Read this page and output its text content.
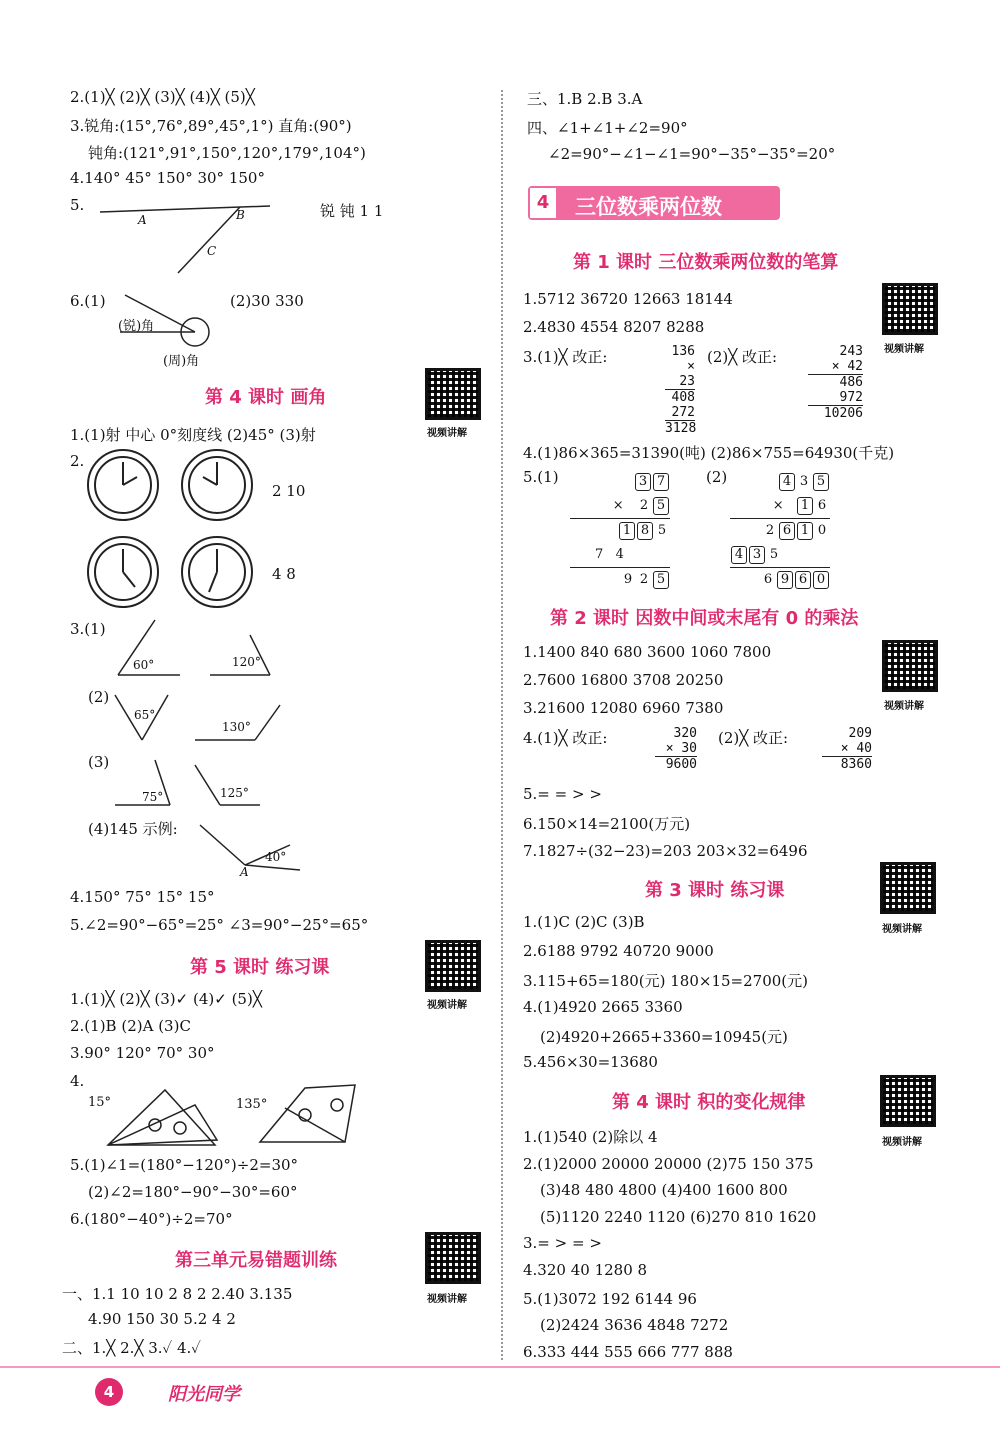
2.(1)╳ (2)╳ (3)╳ (4)╳ (5)╳
3.锐角:(15°,76°,89°,45°,1°) 直角:(90°)
钝角:(121°,91°,150°,120°,179°,104°)
4.140° 45° 150° 30° 150°
5.
A	B
C
锐 钝 1 1
6.(1)
(锐)角
(周)角
(2)30 330
第 4 课时 画角
视频讲解
1.(1)射 中心 0°刻度线 (2)45° (3)射
2.
2 10
4 8
3.(1)
60°	120°
(2)
65°
130°
(3)
75°	125°
(4)145 示例:
40°
A
4.150° 75° 15° 15°
5.∠2=90°−65°=25° ∠3=90°−25°=65°
第 5 课时 练习课
视频讲解
1.(1)╳ (2)╳ (3)✓ (4)✓ (5)╳
2.(1)B (2)A (3)C
3.90° 120° 70° 30°
4.
15°	135°
5.(1)∠1=(180°−120°)÷2=30°
(2)∠2=180°−90°−30°=60°
6.(180°−40°)÷2=70°
第三单元易错题训练
视频讲解
一、1.1 10 10 2 8 2 2.40 3.135
4.90 150 30 5.2 4 2
二、1.╳ 2.╳ 3.✓ 4.✓
三、1.B 2.B 3.A
四、∠1+∠1+∠2=90°
∠2=90°−∠1−∠1=90°−35°−35°=20°
4	三位数乘两位数
第 1 课时 三位数乘两位数的笔算
视频讲解
1.5712 36720 12663 18144
2.4830 4554 8207 8288
3.(1)╳ 改正:	136
× 23
408
272
3128
(2)╳ 改正:	243
× 42
486
972
10206
4.(1)86×365=31390(吨) (2)86×755=64930(千克)
5.(1)	3 7
×   2 5
1 8 5
7   4
9 2 5
(2)	4 3 5
×   1 6
2 6 1 0
4 3 5
6 9 6 0
第 2 课时 因数中间或末尾有 0 的乘法
视频讲解
1.1400 840 680 3600 1060 7800
2.7600 16800 3708 20250
3.21600 12080 6960 7380
4.(1)╳ 改正:	320
× 30
9600
(2)╳ 改正:	209
× 40
8360
5.= = > >
6.150×14=2100(万元)
7.1827÷(32−23)=203 203×32=6496
第 3 课时 练习课
视频讲解
1.(1)C (2)C (3)B
2.6188 9792 40720 9000
3.115+65=180(元) 180×15=2700(元)
4.(1)4920 2665 3360
(2)4920+2665+3360=10945(元)
5.456×30=13680
第 4 课时 积的变化规律
视频讲解
1.(1)540 (2)除以 4
2.(1)2000 20000 20000 (2)75 150 375
(3)48 480 4800 (4)400 1600 800
(5)1120 2240 1120 (6)270 810 1620
3.= > = >
4.320 40 1280 8
5.(1)3072 192 6144 96
(2)2424 3636 4848 7272
6.333 444 555 666 777 888
4	阳光同学
